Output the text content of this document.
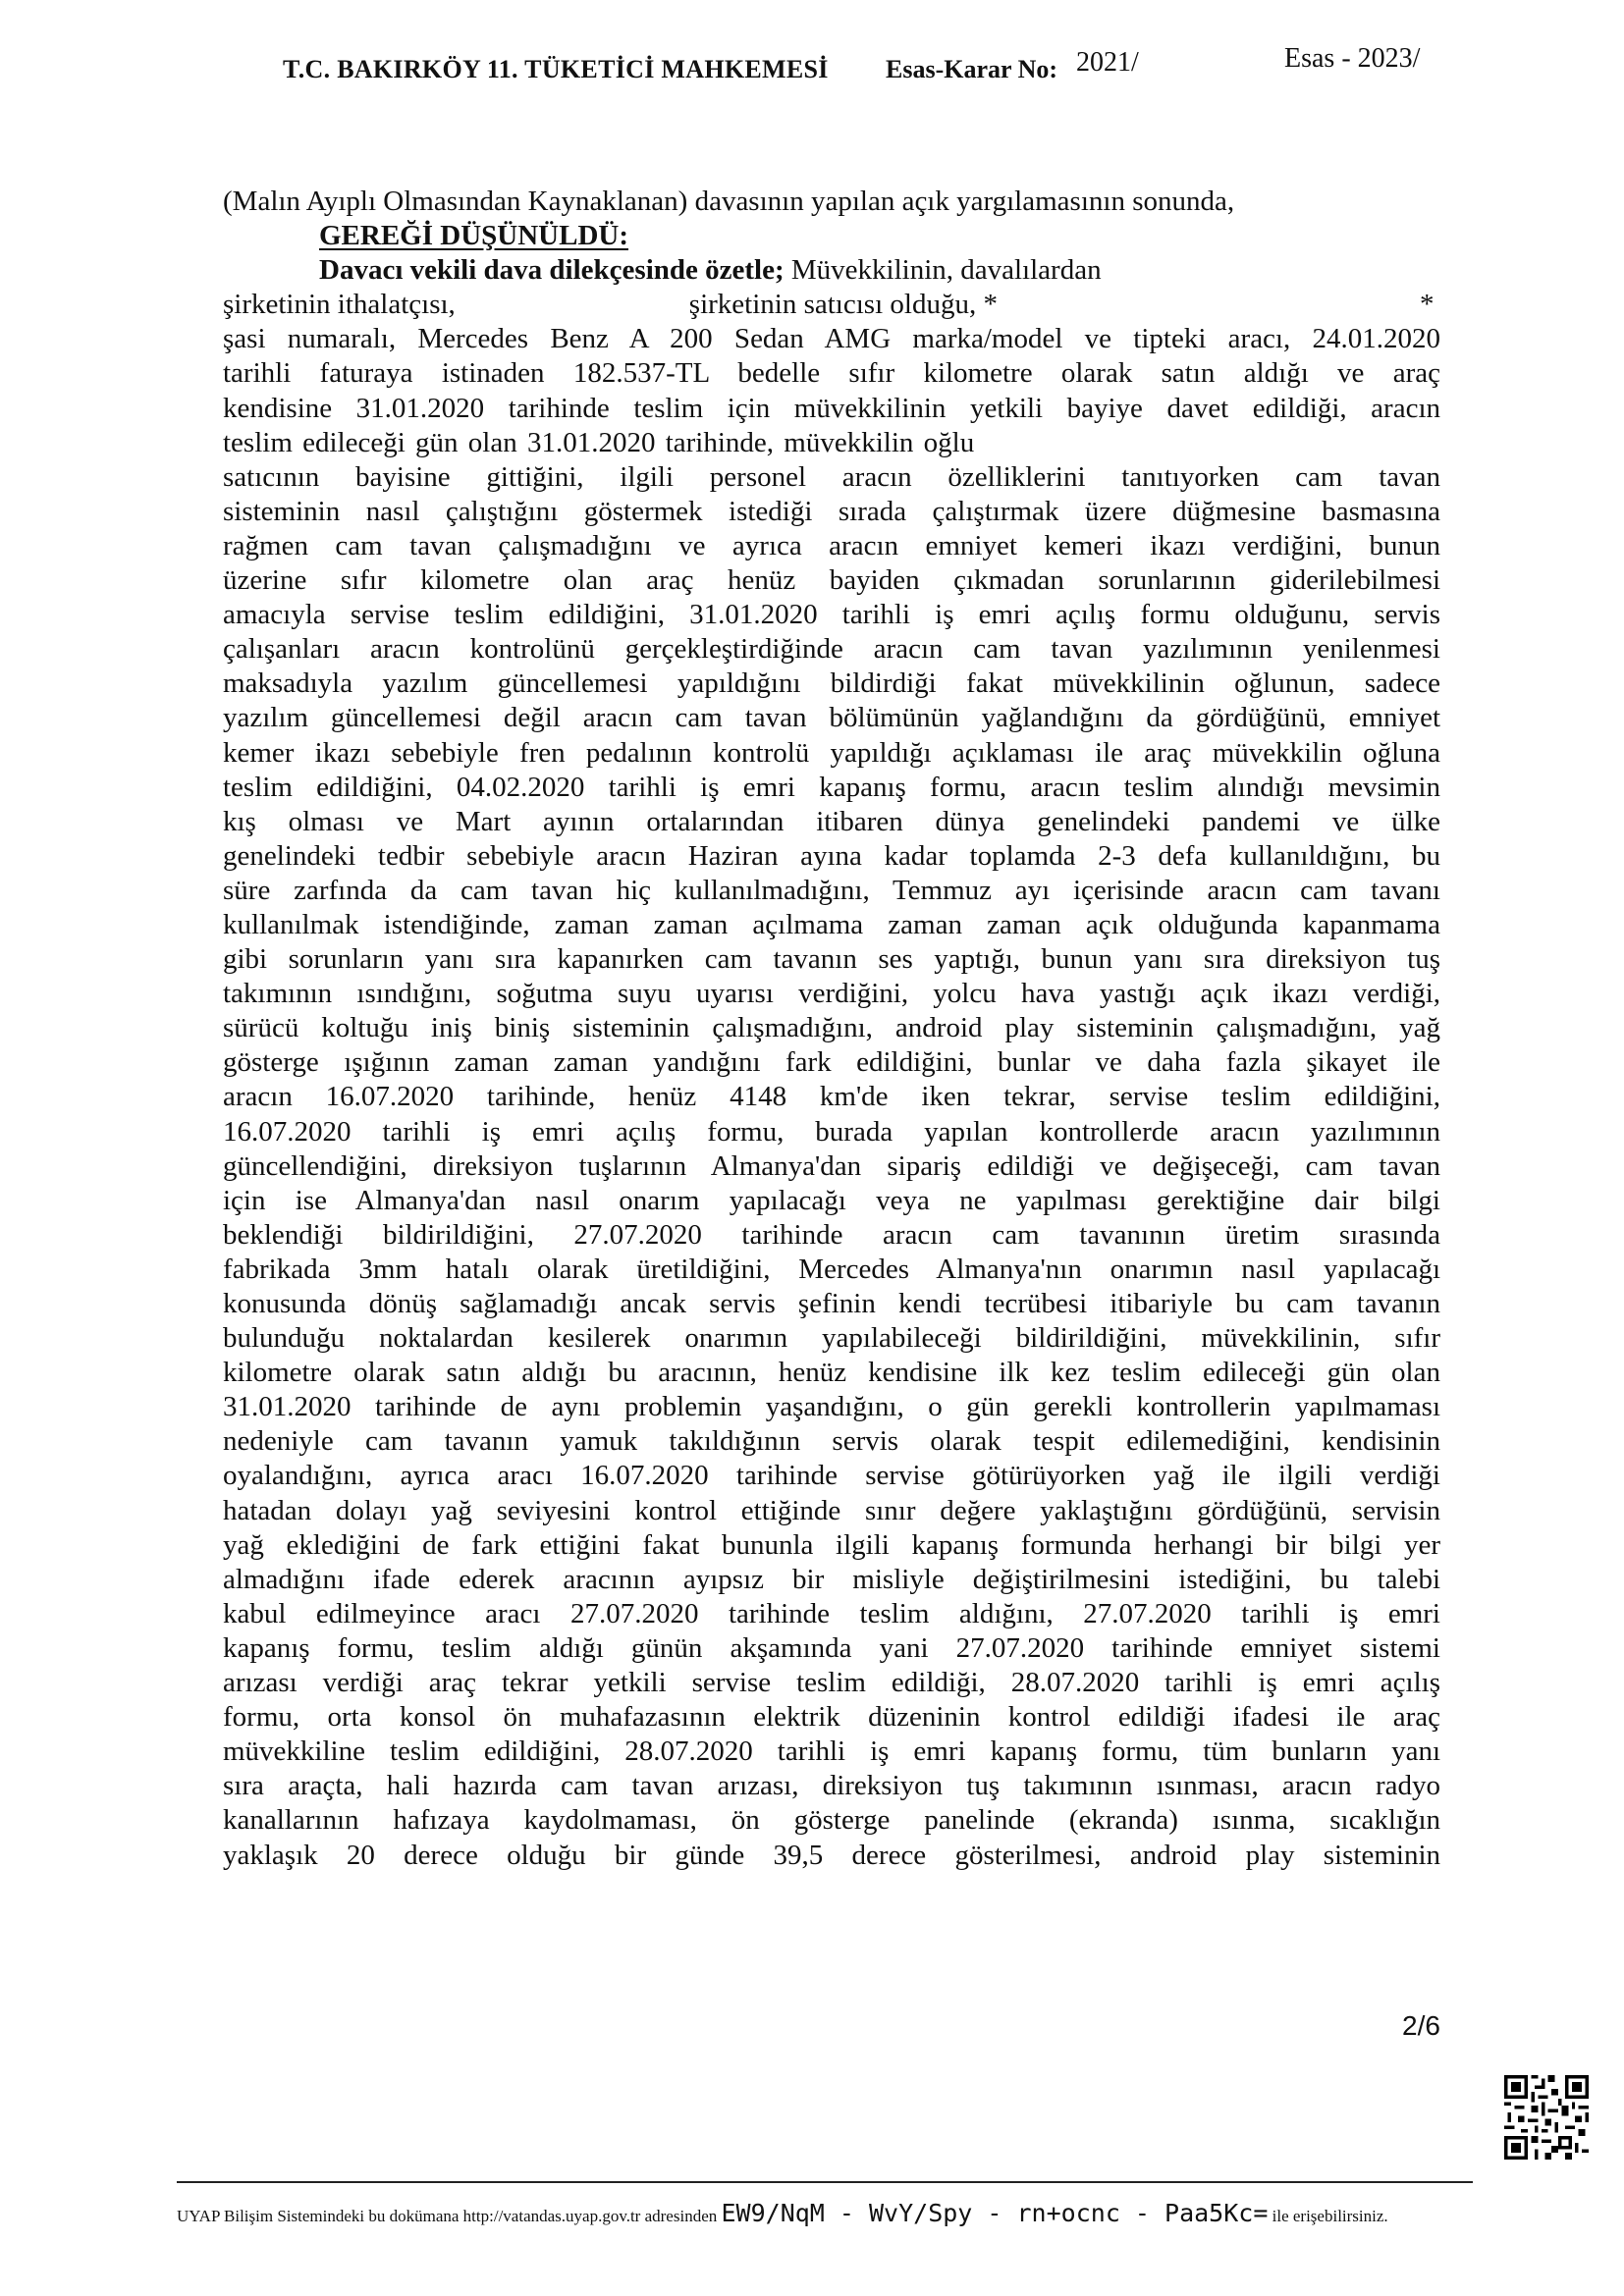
T.C. BAKIRKÖY 11. TÜKETİCİ MAHKEMESİ Esas-Karar No: 2021/	Esas - 2023/
(Malın Ayıplı Olmasından Kaynaklanan) davasının yapılan açık yargılamasının sonunda,
GEREĞİ DÜŞÜNÜLDÜ:
Davacı vekili dava dilekçesinde özetle; Müvekkilinin, davalılardan
şirketinin ithalatçısı,	şirketinin satıcısı olduğu, *	*
şasi numaralı, Mercedes Benz A 200 Sedan AMG marka/model ve tipteki aracı, 24.01.2020
tarihli faturaya istinaden 182.537-TL bedelle sıfır kilometre olarak satın aldığı ve araç
kendisine 31.01.2020 tarihinde teslim için müvekkilinin yetkili bayiye davet edildiği, aracın
teslim edileceği gün olan 31.01.2020 tarihinde, müvekkilin oğlu
satıcının bayisine gittiğini, ilgili personel aracın özelliklerini tanıtıyorken cam tavan
sisteminin nasıl çalıştığını göstermek istediği sırada çalıştırmak üzere düğmesine basmasına
rağmen cam tavan çalışmadığını ve ayrıca aracın emniyet kemeri ikazı verdiğini, bunun
üzerine sıfır kilometre olan araç henüz bayiden çıkmadan sorunlarının giderilebilmesi
amacıyla servise teslim edildiğini, 31.01.2020 tarihli iş emri açılış formu olduğunu, servis
çalışanları aracın kontrolünü gerçekleştirdiğinde aracın cam tavan yazılımının yenilenmesi
maksadıyla yazılım güncellemesi yapıldığını bildirdiği fakat müvekkilinin oğlunun, sadece
yazılım güncellemesi değil aracın cam tavan bölümünün yağlandığını da gördüğünü, emniyet
kemer ikazı sebebiyle fren pedalının kontrolü yapıldığı açıklaması ile araç müvekkilin oğluna
teslim edildiğini, 04.02.2020 tarihli iş emri kapanış formu, aracın teslim alındığı mevsimin
kış olması ve Mart ayının ortalarından itibaren dünya genelindeki pandemi ve ülke
genelindeki tedbir sebebiyle aracın Haziran ayına kadar toplamda 2-3 defa kullanıldığını, bu
süre zarfında da cam tavan hiç kullanılmadığını, Temmuz ayı içerisinde aracın cam tavanı
kullanılmak istendiğinde, zaman zaman açılmama zaman zaman açık olduğunda kapanmama
gibi sorunların yanı sıra kapanırken cam tavanın ses yaptığı, bunun yanı sıra direksiyon tuş
takımının ısındığını, soğutma suyu uyarısı verdiğini, yolcu hava yastığı açık ikazı verdiği,
sürücü koltuğu iniş biniş sisteminin çalışmadığını, android play sisteminin çalışmadığını, yağ
gösterge ışığının zaman zaman yandığını fark edildiğini, bunlar ve daha fazla şikayet ile
aracın 16.07.2020 tarihinde, henüz 4148 km'de iken tekrar, servise teslim edildiğini,
16.07.2020 tarihli iş emri açılış formu, burada yapılan kontrollerde aracın yazılımının
güncellendiğini, direksiyon tuşlarının Almanya'dan sipariş edildiği ve değişeceği, cam tavan
için ise Almanya'dan nasıl onarım yapılacağı veya ne yapılması gerektiğine dair bilgi
beklendiği bildirildiğini, 27.07.2020 tarihinde aracın cam tavanının üretim sırasında
fabrikada 3mm hatalı olarak üretildiğini, Mercedes Almanya'nın onarımın nasıl yapılacağı
konusunda dönüş sağlamadığı ancak servis şefinin kendi tecrübesi itibariyle bu cam tavanın
bulunduğu noktalardan kesilerek onarımın yapılabileceği bildirildiğini, müvekkilinin, sıfır
kilometre olarak satın aldığı bu aracının, henüz kendisine ilk kez teslim edileceği gün olan
31.01.2020 tarihinde de aynı problemin yaşandığını, o gün gerekli kontrollerin yapılmaması
nedeniyle cam tavanın yamuk takıldığının servis olarak tespit edilemediğini, kendisinin
oyalandığını, ayrıca aracı 16.07.2020 tarihinde servise götürüyorken yağ ile ilgili verdiği
hatadan dolayı yağ seviyesini kontrol ettiğinde sınır değere yaklaştığını gördüğünü, servisin
yağ eklediğini de fark ettiğini fakat bununla ilgili kapanış formunda herhangi bir bilgi yer
almadığını ifade ederek aracının ayıpsız bir misliyle değiştirilmesini istediğini, bu talebi
kabul edilmeyince aracı 27.07.2020 tarihinde teslim aldığını, 27.07.2020 tarihli iş emri
kapanış formu, teslim aldığı günün akşamında yani 27.07.2020 tarihinde emniyet sistemi
arızası verdiği araç tekrar yetkili servise teslim edildiği, 28.07.2020 tarihli iş emri açılış
formu, orta konsol ön muhafazasının elektrik düzeninin kontrol edildiği ifadesi ile araç
müvekkiline teslim edildiğini, 28.07.2020 tarihli iş emri kapanış formu, tüm bunların yanı
sıra araçta, hali hazırda cam tavan arızası, direksiyon tuş takımının ısınması, aracın radyo
kanallarının hafızaya kaydolmaması, ön gösterge panelinde (ekranda) ısınma, sıcaklığın
yaklaşık 20 derece olduğu bir günde 39,5 derece gösterilmesi, android play sisteminin
2/6
UYAP Bilişim Sistemindeki bu dokümana http://vatandas.uyap.gov.tr adresinden EW9/NqM - WvY/Spy - rn+ocnc - Paa5Kc= ile erişebilirsiniz.
